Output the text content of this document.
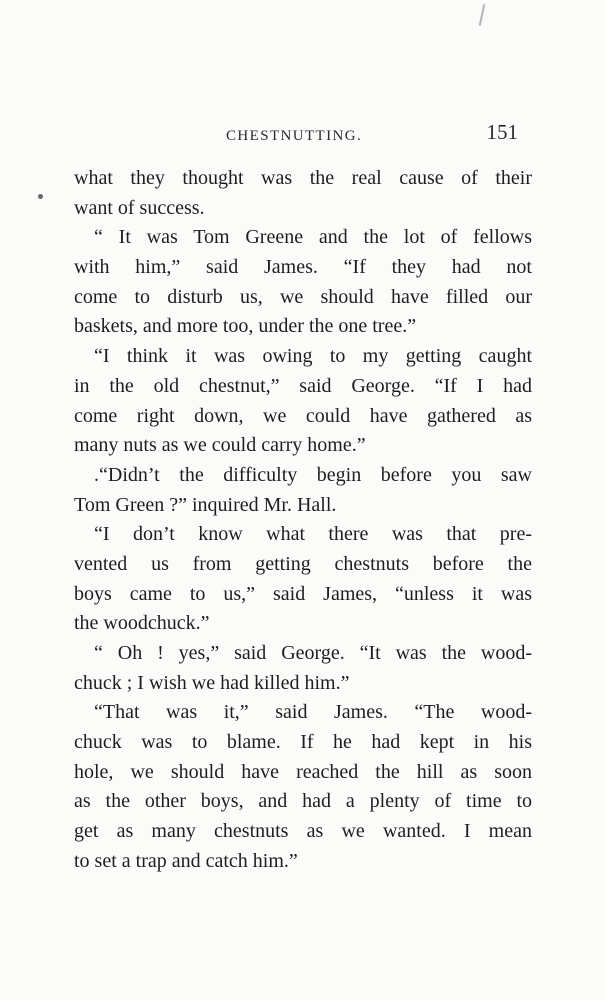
CHESTNUTTING.	151
what they thought was the real cause of their
want of success.
“ It was Tom Greene and the lot of fellows
with him,” said James. “If they had not
come to disturb us, we should have filled our
baskets, and more too, under the one tree.”
“I think it was owing to my getting caught
in the old chestnut,” said George. “If I had
come right down, we could have gathered as
many nuts as we could carry home.”
.“Didn’t the difficulty begin before you saw
Tom Green ?” inquired Mr. Hall.
“I don’t know what there was that pre-
vented us from getting chestnuts before the
boys came to us,” said James, “unless it was
the woodchuck.”
“ Oh ! yes,” said George. “It was the wood-
chuck ; I wish we had killed him.”
“That was it,” said James. “The wood-
chuck was to blame. If he had kept in his
hole, we should have reached the hill as soon
as the other boys, and had a plenty of time to
get as many chestnuts as we wanted. I mean
to set a trap and catch him.”
